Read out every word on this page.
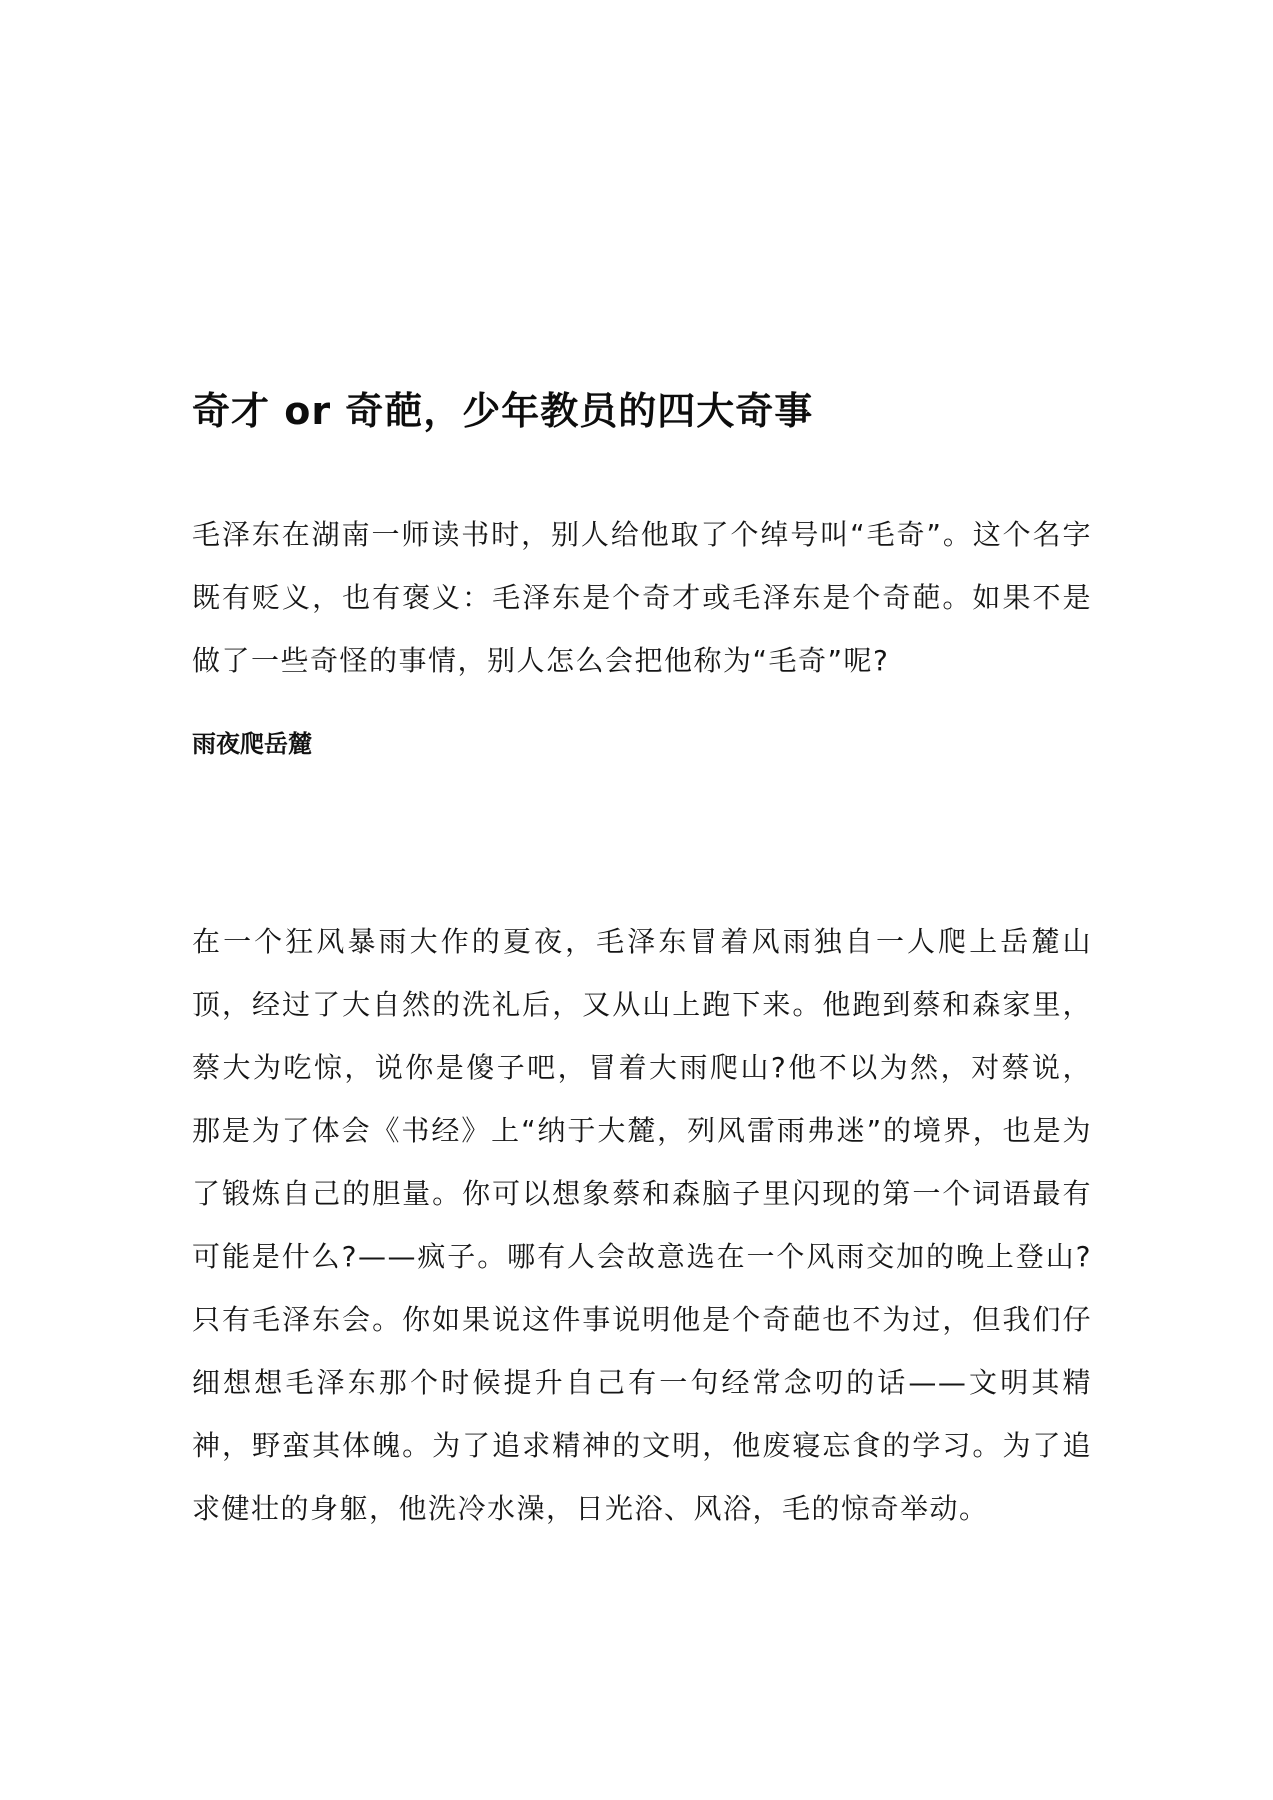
奇才 or 奇葩，少年教员的四大奇事

毛泽东在湖南一师读书时，别人给他取了个绰号叫“毛奇”。这个名字既有贬义，也有褒义：毛泽东是个奇才或毛泽东是个奇葩。如果不是做了一些奇怪的事情，别人怎么会把他称为“毛奇”呢?

雨夜爬岳麓

在一个狂风暴雨大作的夏夜，毛泽东冒着风雨独自一人爬上岳麓山顶，经过了大自然的洗礼后，又从山上跑下来。他跑到蔡和森家里，蔡大为吃惊，说你是傻子吧，冒着大雨爬山?他不以为然，对蔡说，那是为了体会《书经》上“纳于大麓，列风雷雨弗迷”的境界，也是为了锻炼自己的胆量。你可以想象蔡和森脑子里闪现的第一个词语最有可能是什么?——疯子。哪有人会故意选在一个风雨交加的晚上登山?只有毛泽东会。你如果说这件事说明他是个奇葩也不为过，但我们仔细想想毛泽东那个时候提升自己有一句经常念叨的话——文明其精神，野蛮其体魄。为了追求精神的文明，他废寝忘食的学习。为了追求健壮的身躯，他洗冷水澡，日光浴、风浴，毛的惊奇举动。
